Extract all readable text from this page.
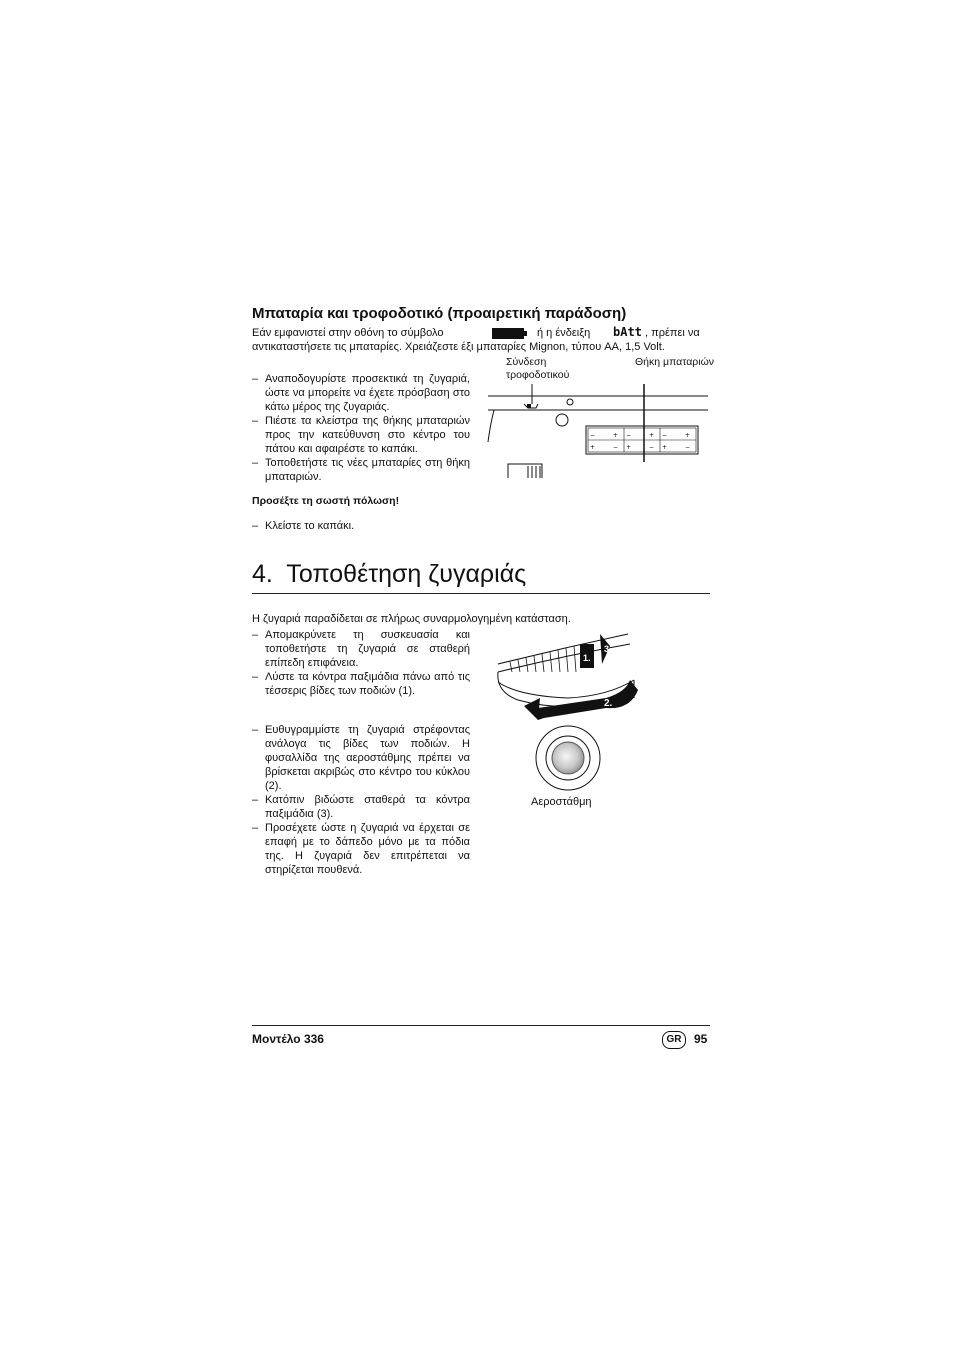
Μπαταρία και τροφοδοτικό (προαιρετική παράδοση)
Εάν εμφανιστεί στην οθόνη το σύμβολο	ή η ένδειξη bAtt , πρέπει να
αντικαταστήσετε τις μπαταρίες. Χρειάζεστε έξι μπαταρίες Mignon, τύπου AA, 1,5 Volt.
– Αναποδογυρίστε προσεκτικά τη ζυγαριά, ώστε να μπορείτε να έχετε πρόσβαση στο κάτω μέρος της ζυγαριάς.
– Πιέστε τα κλείστρα της θήκης μπαταριών προς την κατεύθυνση στο κέντρο του πάτου και αφαιρέστε το καπάκι.
– Τοποθετήστε τις νέες μπαταρίες στη θήκη μπαταριών.
Σύνδεση τροφοδοτικού
Θήκη μπαταριών
−	+ −	+ −	+
+	− +	− +	−
Προσέξτε τη σωστή πόλωση!
– Κλείστε το καπάκι.
4.  Τοποθέτηση ζυγαριάς
Η ζυγαριά παραδίδεται σε πλήρως συναρμολογημένη κατάσταση.
– Απομακρύνετε τη συσκευασία και τοποθετήστε τη ζυγαριά σε σταθερή επίπεδη επιφάνεια.
– Λύστε τα κόντρα παξιμάδια πάνω από τις τέσσερις βίδες των ποδιών (1).
– Ευθυγραμμίστε τη ζυγαριά στρέφοντας ανάλογα τις βίδες των ποδιών. Η φυσαλλίδα της αεροστάθμης πρέπει να βρίσκεται ακριβώς στο κέντρο του κύκλου (2).
– Κατόπιν βιδώστε σταθερά τα κόντρα παξιμάδια (3).
– Προσέχετε ώστε η ζυγαριά να έρχεται σε επαφή με το δάπεδο μόνο με τα πόδια της. Η ζυγαριά δεν επιτρέπεται να στηρίζεται πουθενά.
1.
3.
2.
Αεροστάθμη
Μοντέλο 336	GR	95
